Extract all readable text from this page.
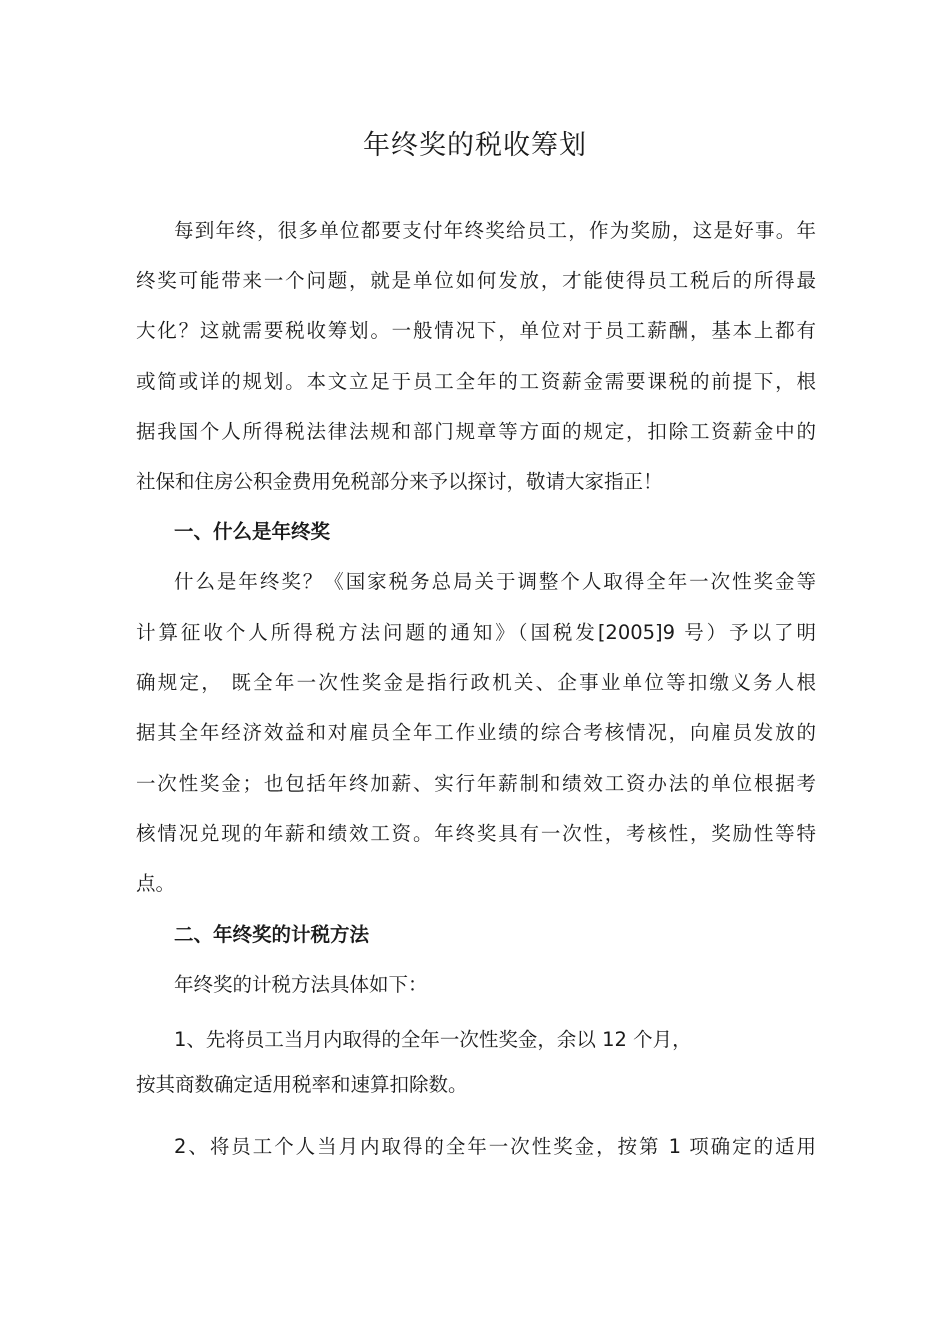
年终奖的税收筹划
每到年终，很多单位都要支付年终奖给员工，作为奖励，这是好事。年
终奖可能带来一个问题，就是单位如何发放，才能使得员工税后的所得最
大化？这就需要税收筹划。一般情况下，单位对于员工薪酬，基本上都有
或简或详的规划。本文立足于员工全年的工资薪金需要课税的前提下，根
据我国个人所得税法律法规和部门规章等方面的规定，扣除工资薪金中的
社保和住房公积金费用免税部分来予以探讨，敬请大家指正！
一、什么是年终奖
什么是年终奖？《国家税务总局关于调整个人取得全年一次性奖金等
计算征收个人所得税方法问题的通知》（国税发[2005]9 号）予以了明
确规定， 既全年一次性奖金是指行政机关、企事业单位等扣缴义务人根
据其全年经济效益和对雇员全年工作业绩的综合考核情况，向雇员发放的
一次性奖金；也包括年终加薪、实行年薪制和绩效工资办法的单位根据考
核情况兑现的年薪和绩效工资。年终奖具有一次性，考核性，奖励性等特
点。
二、年终奖的计税方法
年终奖的计税方法具体如下：
1、先将员工当月内取得的全年一次性奖金，余以 12 个月，
按其商数确定适用税率和速算扣除数。
2、将员工个人当月内取得的全年一次性奖金，按第 1 项确定的适用
